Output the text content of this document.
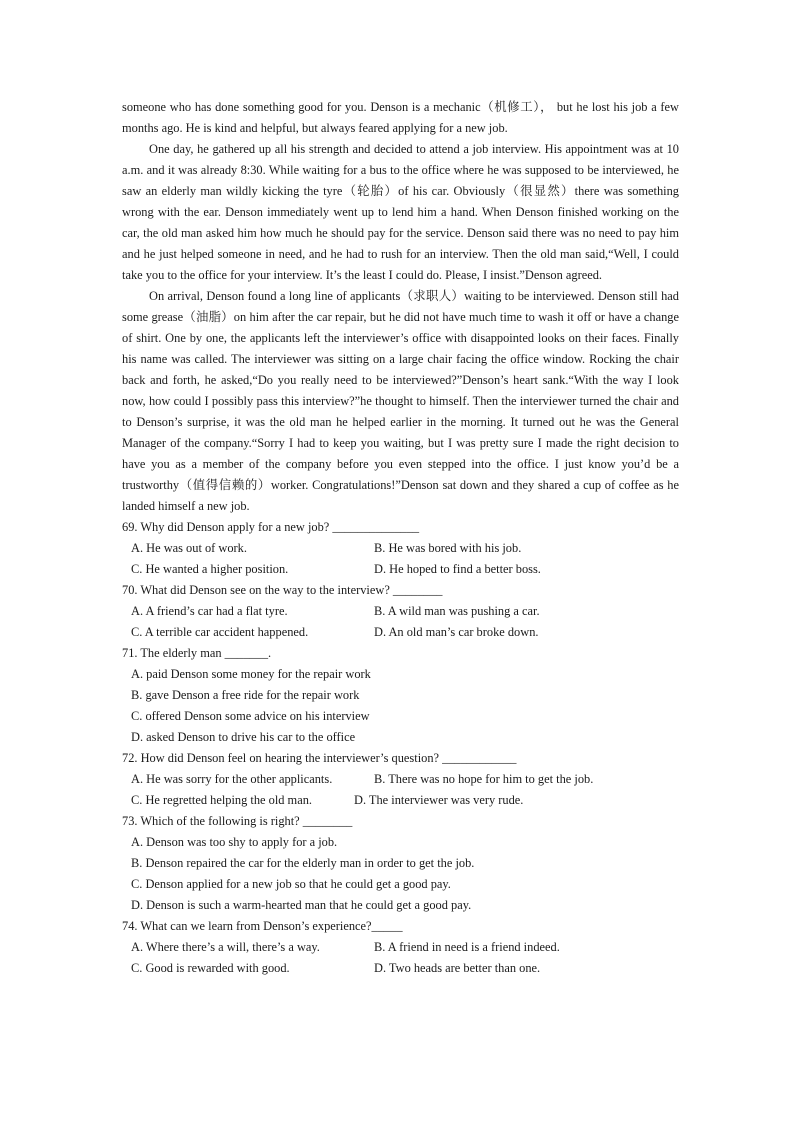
someone who has done something good for you. Denson is a mechanic（机修工）， but he lost his job a few months ago. He is kind and helpful, but always feared applying for a new job.

One day, he gathered up all his strength and decided to attend a job interview. His appointment was at 10 a.m. and it was already 8:30. While waiting for a bus to the office where he was supposed to be interviewed, he saw an elderly man wildly kicking the tyre（轮胎）of his car. Obviously（很显然）there was something wrong with the ear. Denson immediately went up to lend him a hand. When Denson finished working on the car, the old man asked him how much he should pay for the service. Denson said there was no need to pay him and he just helped someone in need, and he had to rush for an interview. Then the old man said,“Well, I could take you to the office for your interview. It’s the least I could do. Please, I insist.”Denson agreed.

On arrival, Denson found a long line of applicants（求职人）waiting to be interviewed. Denson still had some grease（油脂）on him after the car repair, but he did not have much time to wash it off or have a change of shirt. One by one, the applicants left the interviewer’s office with disappointed looks on their faces. Finally his name was called. The interviewer was sitting on a large chair facing the office window. Rocking the chair back and forth, he asked,“Do you really need to be interviewed?”Denson’s heart sank.“With the way I look now, how could I possibly pass this interview?”he thought to himself. Then the interviewer turned the chair and to Denson’s surprise, it was the old man he helped earlier in the morning. It turned out he was the General Manager of the company.“Sorry I had to keep you waiting, but I was pretty sure I made the right decision to have you as a member of the company before you even stepped into the office. I just know you’d be a trustworthy（值得信赖的）worker. Congratulations!”Denson sat down and they shared a cup of coffee as he landed himself a new job.

69. Why did Denson apply for a new job? ______________

A. He was out of work.	B. He was bored with his job.
C. He wanted a higher position.	D. He hoped to find a better boss.

70. What did Denson see on the way to the interview? ________

A. A friend’s car had a flat tyre.	B. A wild man was pushing a car.
C. A terrible car accident happened.	D. An old man’s car broke down.

71. The elderly man _______.

A. paid Denson some money for the repair work
B. gave Denson a free ride for the repair work
C. offered Denson some advice on his interview
D. asked Denson to drive his car to the office

72. How did Denson feel on hearing the interviewer’s question? ____________

A. He was sorry for the other applicants.	B. There was no hope for him to get the job.
C. He regretted helping the old man.	D. The interviewer was very rude.

73. Which of the following is right? ________

A. Denson was too shy to apply for a job.
B. Denson repaired the car for the elderly man in order to get the job.
C. Denson applied for a new job so that he could get a good pay.
D. Denson is such a warm-hearted man that he could get a good pay.

74. What can we learn from Denson’s experience?_____

A. Where there’s a will, there’s a way.	B. A friend in need is a friend indeed.
C. Good is rewarded with good.	D. Two heads are better than one.
